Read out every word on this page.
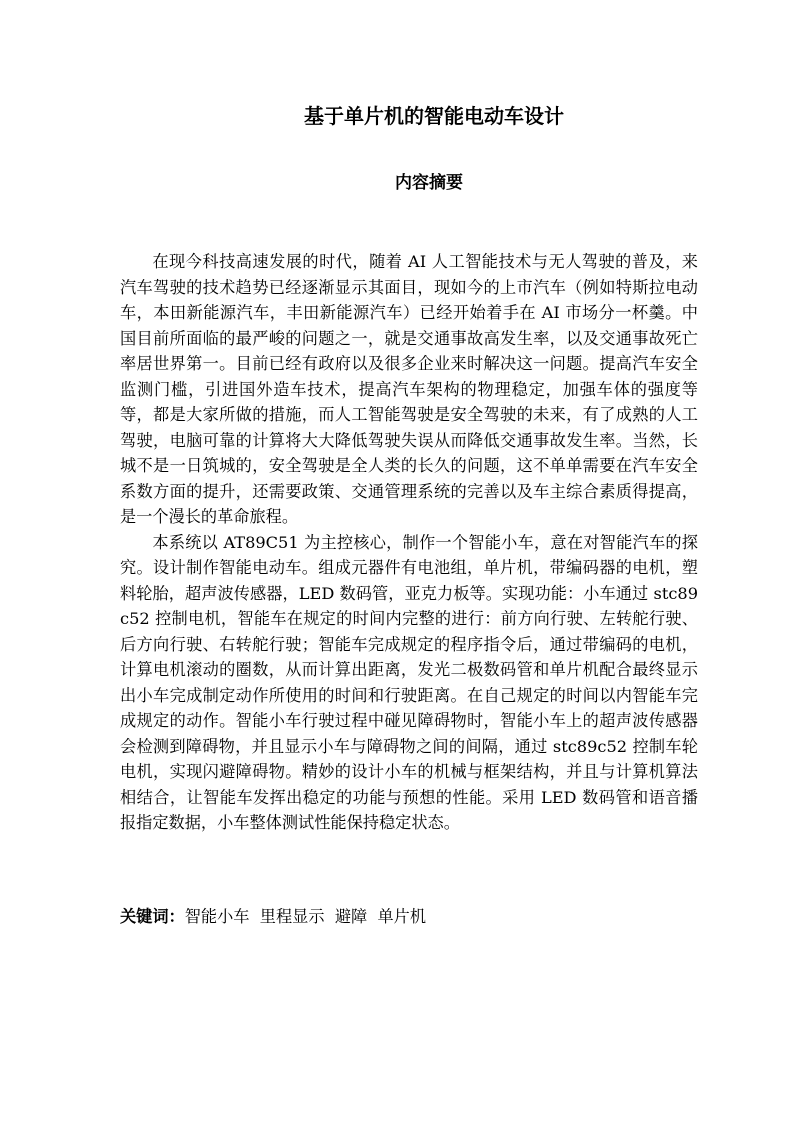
基于单片机的智能电动车设计
内容摘要

在现今科技高速发展的时代，随着 AI 人工智能技术与无人驾驶的普及，来汽车驾驶的技术趋势已经逐渐显示其面目，现如今的上市汽车（例如特斯拉电动车，本田新能源汽车，丰田新能源汽车）已经开始着手在 AI 市场分一杯羹。中国目前所面临的最严峻的问题之一，就是交通事故高发生率，以及交通事故死亡率居世界第一。目前已经有政府以及很多企业来时解决这一问题。提高汽车安全监测门槛，引进国外造车技术，提高汽车架构的物理稳定，加强车体的强度等等，都是大家所做的措施，而人工智能驾驶是安全驾驶的未来，有了成熟的人工驾驶，电脑可靠的计算将大大降低驾驶失误从而降低交通事故发生率。当然，长城不是一日筑城的，安全驾驶是全人类的长久的问题，这不单单需要在汽车安全系数方面的提升，还需要政策、交通管理系统的完善以及车主综合素质得提高，是一个漫长的革命旅程。

本系统以 AT89C51 为主控核心，制作一个智能小车，意在对智能汽车的探究。设计制作智能电动车。组成元器件有电池组，单片机，带编码器的电机，塑料轮胎，超声波传感器，LED 数码管，亚克力板等。实现功能：小车通过 stc89c52 控制电机，智能车在规定的时间内完整的进行：前方向行驶、左转舵行驶、后方向行驶、右转舵行驶；智能车完成规定的程序指令后，通过带编码的电机，计算电机滚动的圈数，从而计算出距离，发光二极数码管和单片机配合最终显示出小车完成制定动作所使用的时间和行驶距离。在自己规定的时间以内智能车完成规定的动作。智能小车行驶过程中碰见障碍物时，智能小车上的超声波传感器会检测到障碍物，并且显示小车与障碍物之间的间隔，通过 stc89c52 控制车轮电机，实现闪避障碍物。精妙的设计小车的机械与框架结构，并且与计算机算法相结合，让智能车发挥出稳定的功能与预想的性能。采用 LED 数码管和语音播报指定数据，小车整体测试性能保持稳定状态。

关键词：智能小车  里程显示  避障  单片机
